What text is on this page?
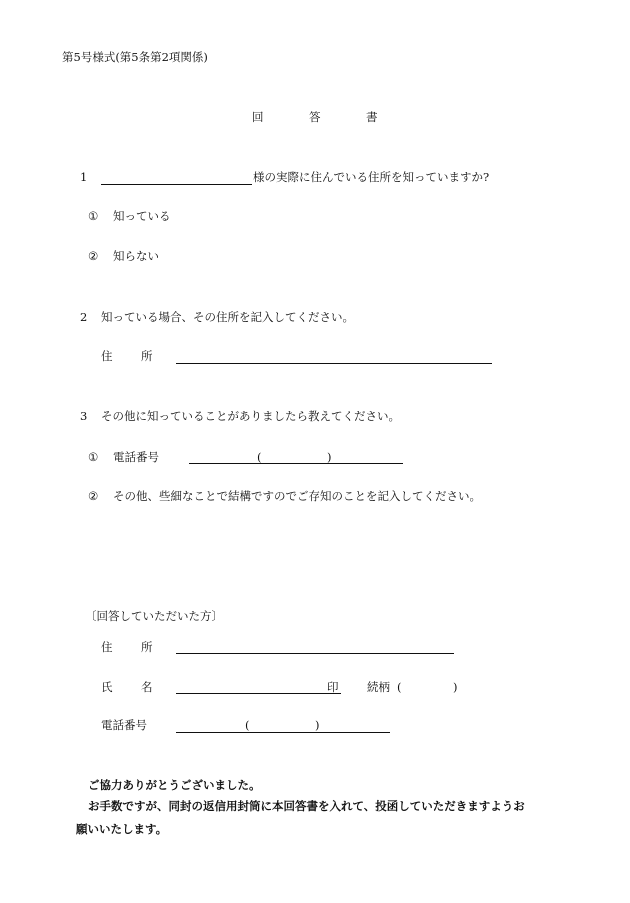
第5号様式(第5条第2項関係)
回	答	書
1	様の実際に住んでいる住所を知っていますか?
① 知っている
② 知らない
2 知っている場合、その住所を記入してください。
住 所
3 その他に知っていることがありましたら教えてください。
① 電話番号	(	)
② その他、些細なことで結構ですのでご存知のことを記入してください。
〔回答していただいた方〕
住 所
氏 名	印 続柄 (	)
電話番号	(	)
ご協力ありがとうございました。
お手数ですが、同封の返信用封筒に本回答書を入れて、投函していただきますようお
願いいたします。
